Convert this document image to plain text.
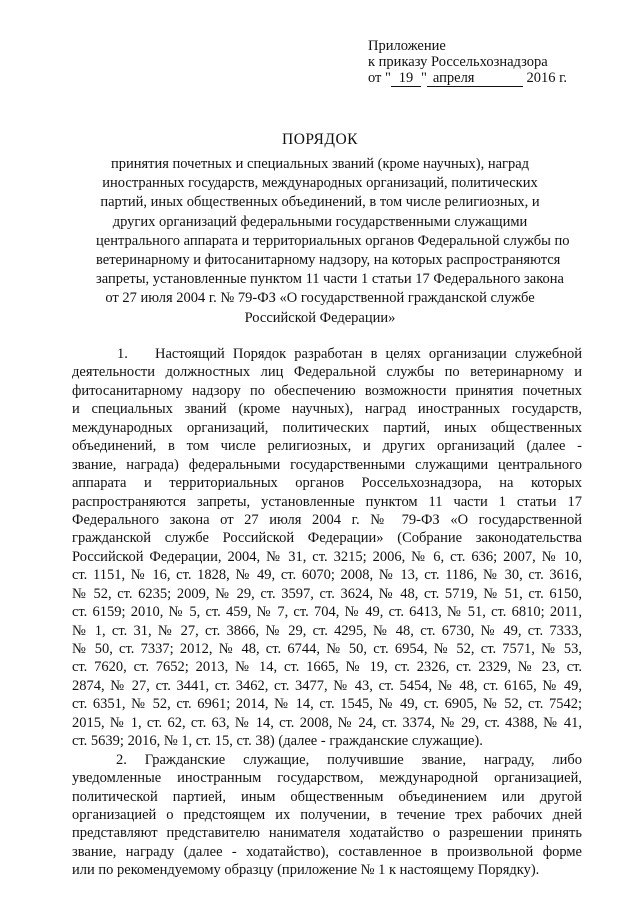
Приложение
к приказу Россельхознадзора
от " 19 " апреля	2016 г.
ПОРЯДОК
принятия почетных и специальных званий (кроме научных), наград
иностранных государств, международных организаций, политических
партий, иных общественных объединений, в том числе религиозных, и
других организаций федеральными государственными служащими
центрального аппарата и территориальных органов Федеральной службы по
ветеринарному и фитосанитарному надзору, на которых распространяются
запреты, установленные пунктом 11 части 1 статьи 17 Федерального закона
от 27 июля 2004 г. № 79-ФЗ «О государственной гражданской службе
Российской Федерации»
1. Настоящий Порядок разработан в целях организации служебной
деятельности должностных лиц Федеральной службы по ветеринарному и
фитосанитарному надзору по обеспечению возможности принятия почетных
и специальных званий (кроме научных), наград иностранных государств,
международных организаций, политических партий, иных общественных
объединений, в том числе религиозных, и других организаций (далее -
звание, награда) федеральными государственными служащими центрального
аппарата и территориальных органов Россельхознадзора, на которых
распространяются запреты, установленные пунктом 11 части 1 статьи 17
Федерального закона от 27 июля 2004 г. № 79-ФЗ «О государственной
гражданской службе Российской Федерации» (Собрание законодательства
Российской Федерации, 2004, № 31, ст. 3215; 2006, № 6, ст. 636; 2007, № 10,
ст. 1151, № 16, ст. 1828, № 49, ст. 6070; 2008, № 13, ст. 1186, № 30, ст. 3616,
№ 52, ст. 6235; 2009, № 29, ст. 3597, ст. 3624, № 48, ст. 5719, № 51, ст. 6150,
ст. 6159; 2010, № 5, ст. 459, № 7, ст. 704, № 49, ст. 6413, № 51, ст. 6810; 2011,
№ 1, ст. 31, № 27, ст. 3866, № 29, ст. 4295, № 48, ст. 6730, № 49, ст. 7333,
№ 50, ст. 7337; 2012, № 48, ст. 6744, № 50, ст. 6954, № 52, ст. 7571, № 53,
ст. 7620, ст. 7652; 2013, № 14, ст. 1665, № 19, ст. 2326, ст. 2329, № 23, ст.
2874, № 27, ст. 3441, ст. 3462, ст. 3477, № 43, ст. 5454, № 48, ст. 6165, № 49,
ст. 6351, № 52, ст. 6961; 2014, № 14, ст. 1545, № 49, ст. 6905, № 52, ст. 7542;
2015, № 1, ст. 62, ст. 63, № 14, ст. 2008, № 24, ст. 3374, № 29, ст. 4388, № 41,
ст. 5639; 2016, № 1, ст. 15, ст. 38) (далее - гражданские служащие).
2. Гражданские служащие, получившие звание, награду, либо
уведомленные иностранным государством, международной организацией,
политической партией, иным общественным объединением или другой
организацией о предстоящем их получении, в течение трех рабочих дней
представляют представителю нанимателя ходатайство о разрешении принять
звание, награду (далее - ходатайство), составленное в произвольной форме
или по рекомендуемому образцу (приложение № 1 к настоящему Порядку).
